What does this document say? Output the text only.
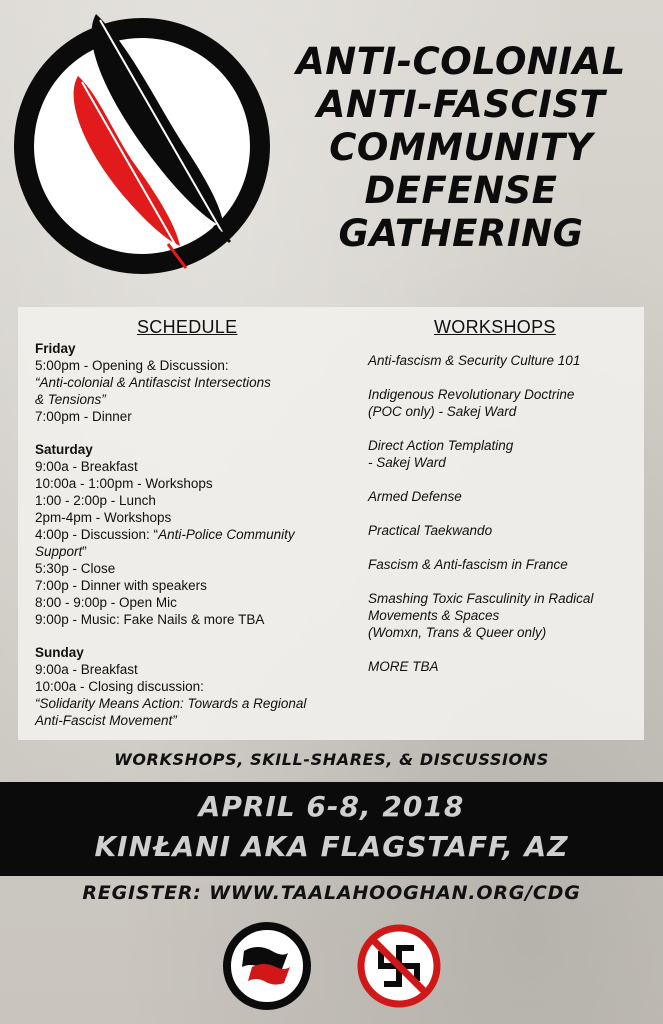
ANTI-COLONIAL
ANTI-FASCIST
COMMUNITY
DEFENSE
GATHERING
SCHEDULE
Friday
5:00pm - Opening & Discussion:
“Anti-colonial & Antifascist Intersections
& Tensions”
7:00pm - Dinner
Saturday
9:00a - Breakfast
10:00a - 1:00pm - Workshops
1:00 - 2:00p - Lunch
2pm-4pm - Workshops
4:00p - Discussion: “Anti-Police Community
Support”
5:30p - Close
7:00p - Dinner with speakers
8:00 - 9:00p - Open Mic
9:00p - Music: Fake Nails & more TBA
Sunday
9:00a - Breakfast
10:00a - Closing discussion:
“Solidarity Means Action: Towards a Regional
Anti-Fascist Movement”
WORKSHOPS
Anti-fascism & Security Culture 101
Indigenous Revolutionary Doctrine
(POC only) - Sakej Ward
Direct Action Templating
- Sakej Ward
Armed Defense
Practical Taekwando
Fascism & Anti-fascism in France
Smashing Toxic Fasculinity in Radical
Movements & Spaces
(Womxn, Trans & Queer only)
MORE TBA
WORKSHOPS, SKILL-SHARES, & DISCUSSIONS
APRIL 6-8, 2018
KINŁANI AKA FLAGSTAFF, AZ
REGISTER: WWW.TAALAHOOGHAN.ORG/CDG
